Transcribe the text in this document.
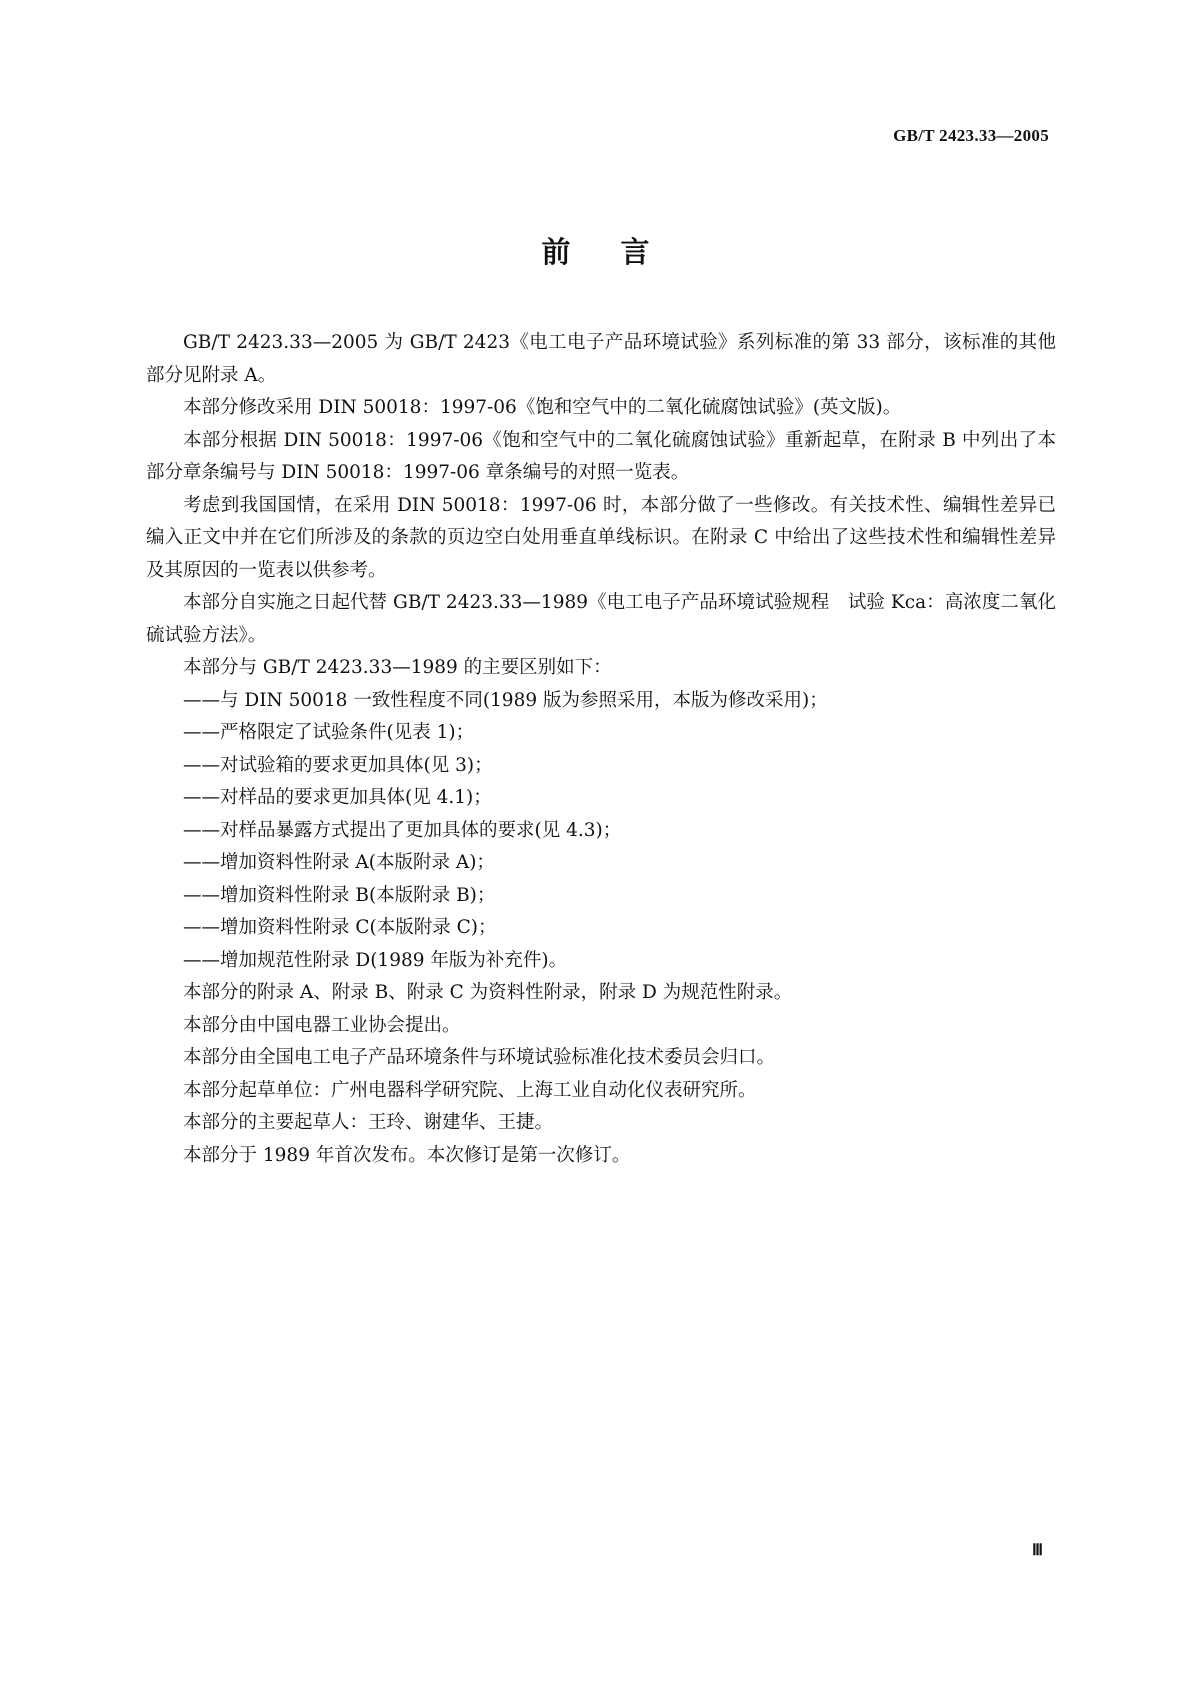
GB/T 2423.33—2005
前言

GB/T 2423.33—2005 为 GB/T 2423《电工电子产品环境试验》系列标准的第 33 部分，该标准的其他部分见附录 A。

本部分修改采用 DIN 50018：1997-06《饱和空气中的二氧化硫腐蚀试验》(英文版)。

本部分根据 DIN 50018：1997-06《饱和空气中的二氧化硫腐蚀试验》重新起草，在附录 B 中列出了本部分章条编号与 DIN 50018：1997-06 章条编号的对照一览表。

考虑到我国国情，在采用 DIN 50018：1997-06 时，本部分做了一些修改。有关技术性、编辑性差异已编入正文中并在它们所涉及的条款的页边空白处用垂直单线标识。在附录 C 中给出了这些技术性和编辑性差异及其原因的一览表以供参考。

本部分自实施之日起代替 GB/T 2423.33—1989《电工电子产品环境试验规程　试验 Kca：高浓度二氧化硫试验方法》。

本部分与 GB/T 2423.33—1989 的主要区别如下：

——与 DIN 50018 一致性程度不同(1989 版为参照采用，本版为修改采用)；

——严格限定了试验条件(见表 1)；

——对试验箱的要求更加具体(见 3)；

——对样品的要求更加具体(见 4.1)；

——对样品暴露方式提出了更加具体的要求(见 4.3)；

——增加资料性附录 A(本版附录 A)；

——增加资料性附录 B(本版附录 B)；

——增加资料性附录 C(本版附录 C)；

——增加规范性附录 D(1989 年版为补充件)。

本部分的附录 A、附录 B、附录 C 为资料性附录，附录 D 为规范性附录。

本部分由中国电器工业协会提出。

本部分由全国电工电子产品环境条件与环境试验标准化技术委员会归口。

本部分起草单位：广州电器科学研究院、上海工业自动化仪表研究所。

本部分的主要起草人：王玲、谢建华、王捷。

本部分于 1989 年首次发布。本次修订是第一次修订。

Ⅲ
